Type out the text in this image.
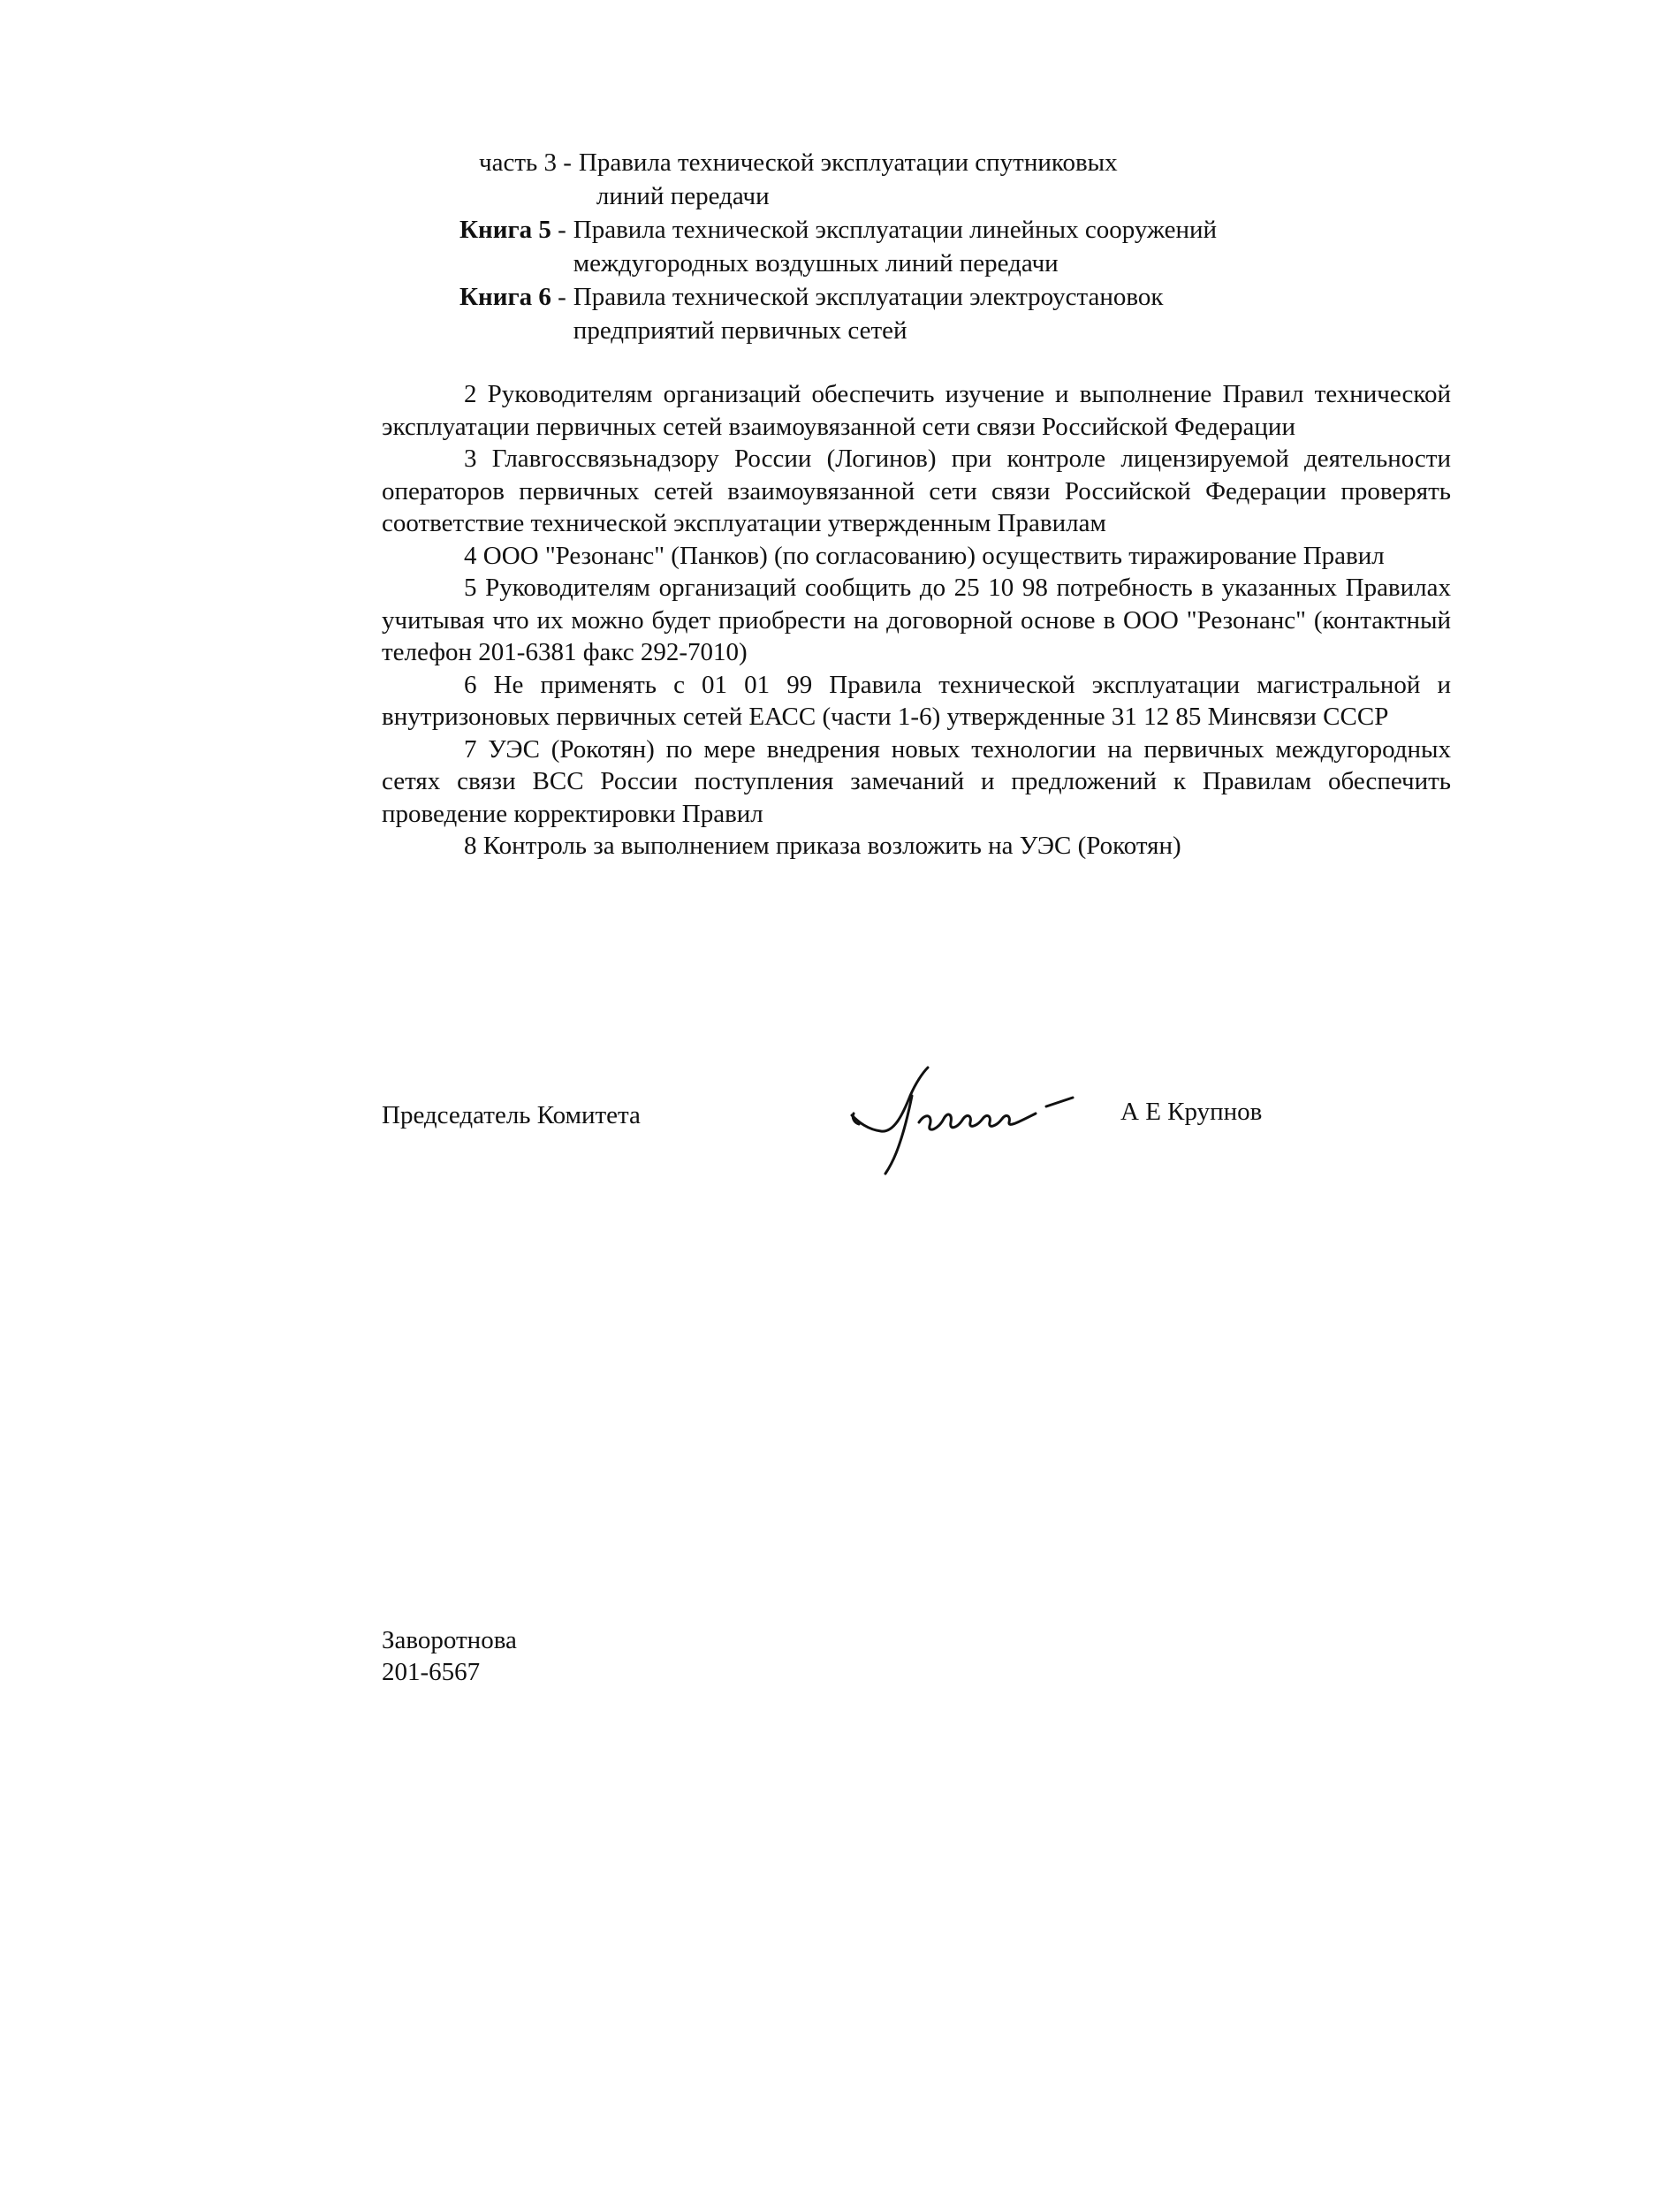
часть 3 - Правила технической эксплуатации спутниковых
линий передачи
Книга 5 - Правила технической эксплуатации линейных сооружений
междугородных воздушных линий передачи
Книга 6 - Правила технической эксплуатации электроустановок
предприятий первичных сетей

2 Руководителям организаций обеспечить изучение и выполнение Правил технической эксплуатации первичных сетей взаимоувязанной сети связи Российской Федерации

3 Главгоссвязьнадзору России (Логинов) при контроле лицензируемой деятельности операторов первичных сетей взаимоувязанной сети связи Российской Федерации проверять соответствие технической эксплуатации утвержденным Правилам

4 ООО "Резонанс" (Панков) (по согласованию) осуществить тиражирование Правил

5 Руководителям организаций сообщить до 25 10 98 потребность в указанных Правилах учитывая что их можно будет приобрести на договорной основе в ООО "Резонанс" (контактный телефон 201-6381 факс 292-7010)

6 Не применять с 01 01 99 Правила технической эксплуатации магистральной и внутризоновых первичных сетей ЕАСС (части 1-6) утвержденные 31 12 85 Минсвязи СССР

7 УЭС (Рокотян) по мере внедрения новых технологии на первичных междугородных сетях связи ВСС России поступления замечаний и предложений к Правилам обеспечить проведение корректировки Правил

8 Контроль за выполнением приказа возложить на УЭС (Рокотян)

Председатель Комитета	А Е Крупнов
Заворотнова
201-6567
